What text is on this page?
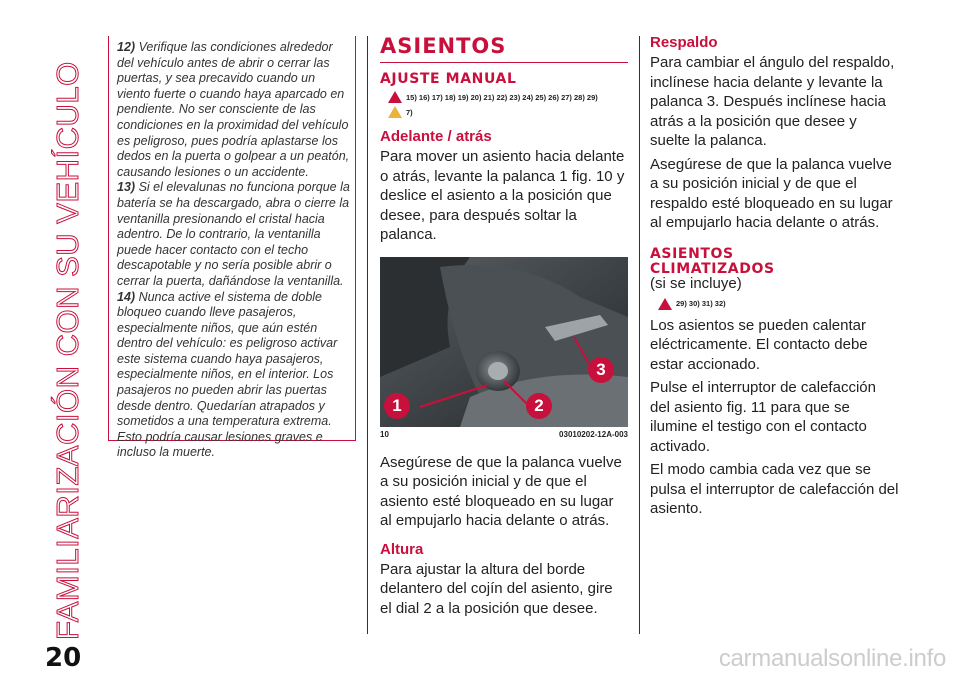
FAMILIARIZACIÓN CON SU VEHÍCULO
20

12) Verifique las condiciones alrededor del vehículo antes de abrir o cerrar las puertas, y sea precavido cuando un viento fuerte o cuando haya aparcado en pendiente. No ser consciente de las condiciones en la proximidad del vehículo es peligroso, pues podría aplastarse los dedos en la puerta o golpear a un peatón, causando lesiones o un accidente.

13) Si el elevalunas no funciona porque la batería se ha descargado, abra o cierre la ventanilla presionando el cristal hacia adentro. De lo contrario, la ventanilla puede hacer contacto con el techo descapotable y no sería posible abrir o cerrar la puerta, dañándose la ventanilla.

14) Nunca active el sistema de doble bloqueo cuando lleve pasajeros, especialmente niños, que aún estén dentro del vehículo: es peligroso activar este sistema cuando haya pasajeros, especialmente niños, en el interior. Los pasajeros no pueden abrir las puertas desde dentro. Quedarían atrapados y sometidos a una temperatura extrema. Esto podría causar lesiones graves e incluso la muerte.

ASIENTOS
AJUSTE MANUAL
15) 16) 17) 18) 19) 20) 21) 22) 23) 24) 25) 26) 27) 28) 29)
7)
Adelante / atrás

Para mover un asiento hacia delante o atrás, levante la palanca 1 fig. 10 y deslice el asiento a la posición que desee, para después soltar la palanca.

1	2
3
10	03010202-12A-003

Asegúrese de que la palanca vuelve a su posición inicial y de que el asiento esté bloqueado en su lugar al empujarlo hacia delante o atrás.

Altura

Para ajustar la altura del borde delantero del cojín del asiento, gire el dial 2 a la posición que desee.

Respaldo

Para cambiar el ángulo del respaldo, inclínese hacia delante y levante la palanca 3. Después inclínese hacia atrás a la posición que desee y suelte la palanca.

Asegúrese de que la palanca vuelve a su posición inicial y de que el respaldo esté bloqueado en su lugar al empujarlo hacia delante o atrás.

ASIENTOS
CLIMATIZADOS
(si se incluye)
29) 30) 31) 32)

Los asientos se pueden calentar eléctricamente. El contacto debe estar accionado.

Pulse el interruptor de calefacción del asiento fig. 11 para que se ilumine el testigo con el contacto activado.

El modo cambia cada vez que se pulsa el interruptor de calefacción del asiento.

carmanualsonline.info
